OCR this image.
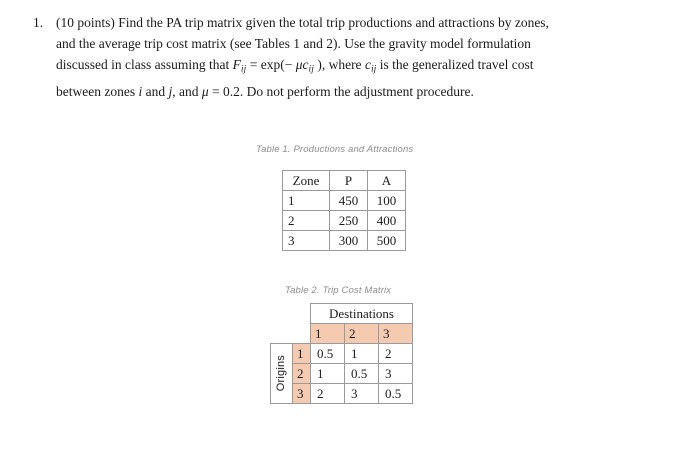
1. (10 points) Find the PA trip matrix given the total trip productions and attractions by zones,
and the average trip cost matrix (see Tables 1 and 2). Use the gravity model formulation
discussed in class assuming that $F_{ij} = \exp(- \mu c_{ij}$ ), where $c_{ij}$ is the generalized travel cost
between zones i and j, and μ = 0.2. Do not perform the adjustment procedure.
Table 1. Productions and Attractions
Zone	P	A
1	450	100
2	250	400
3	300	500
Table 2. Trip Cost Matrix
		Destinations		
		1	2	3

Origins	1	0.5	1	2
	2	1	0.5	3
	3	2	3	0.5
